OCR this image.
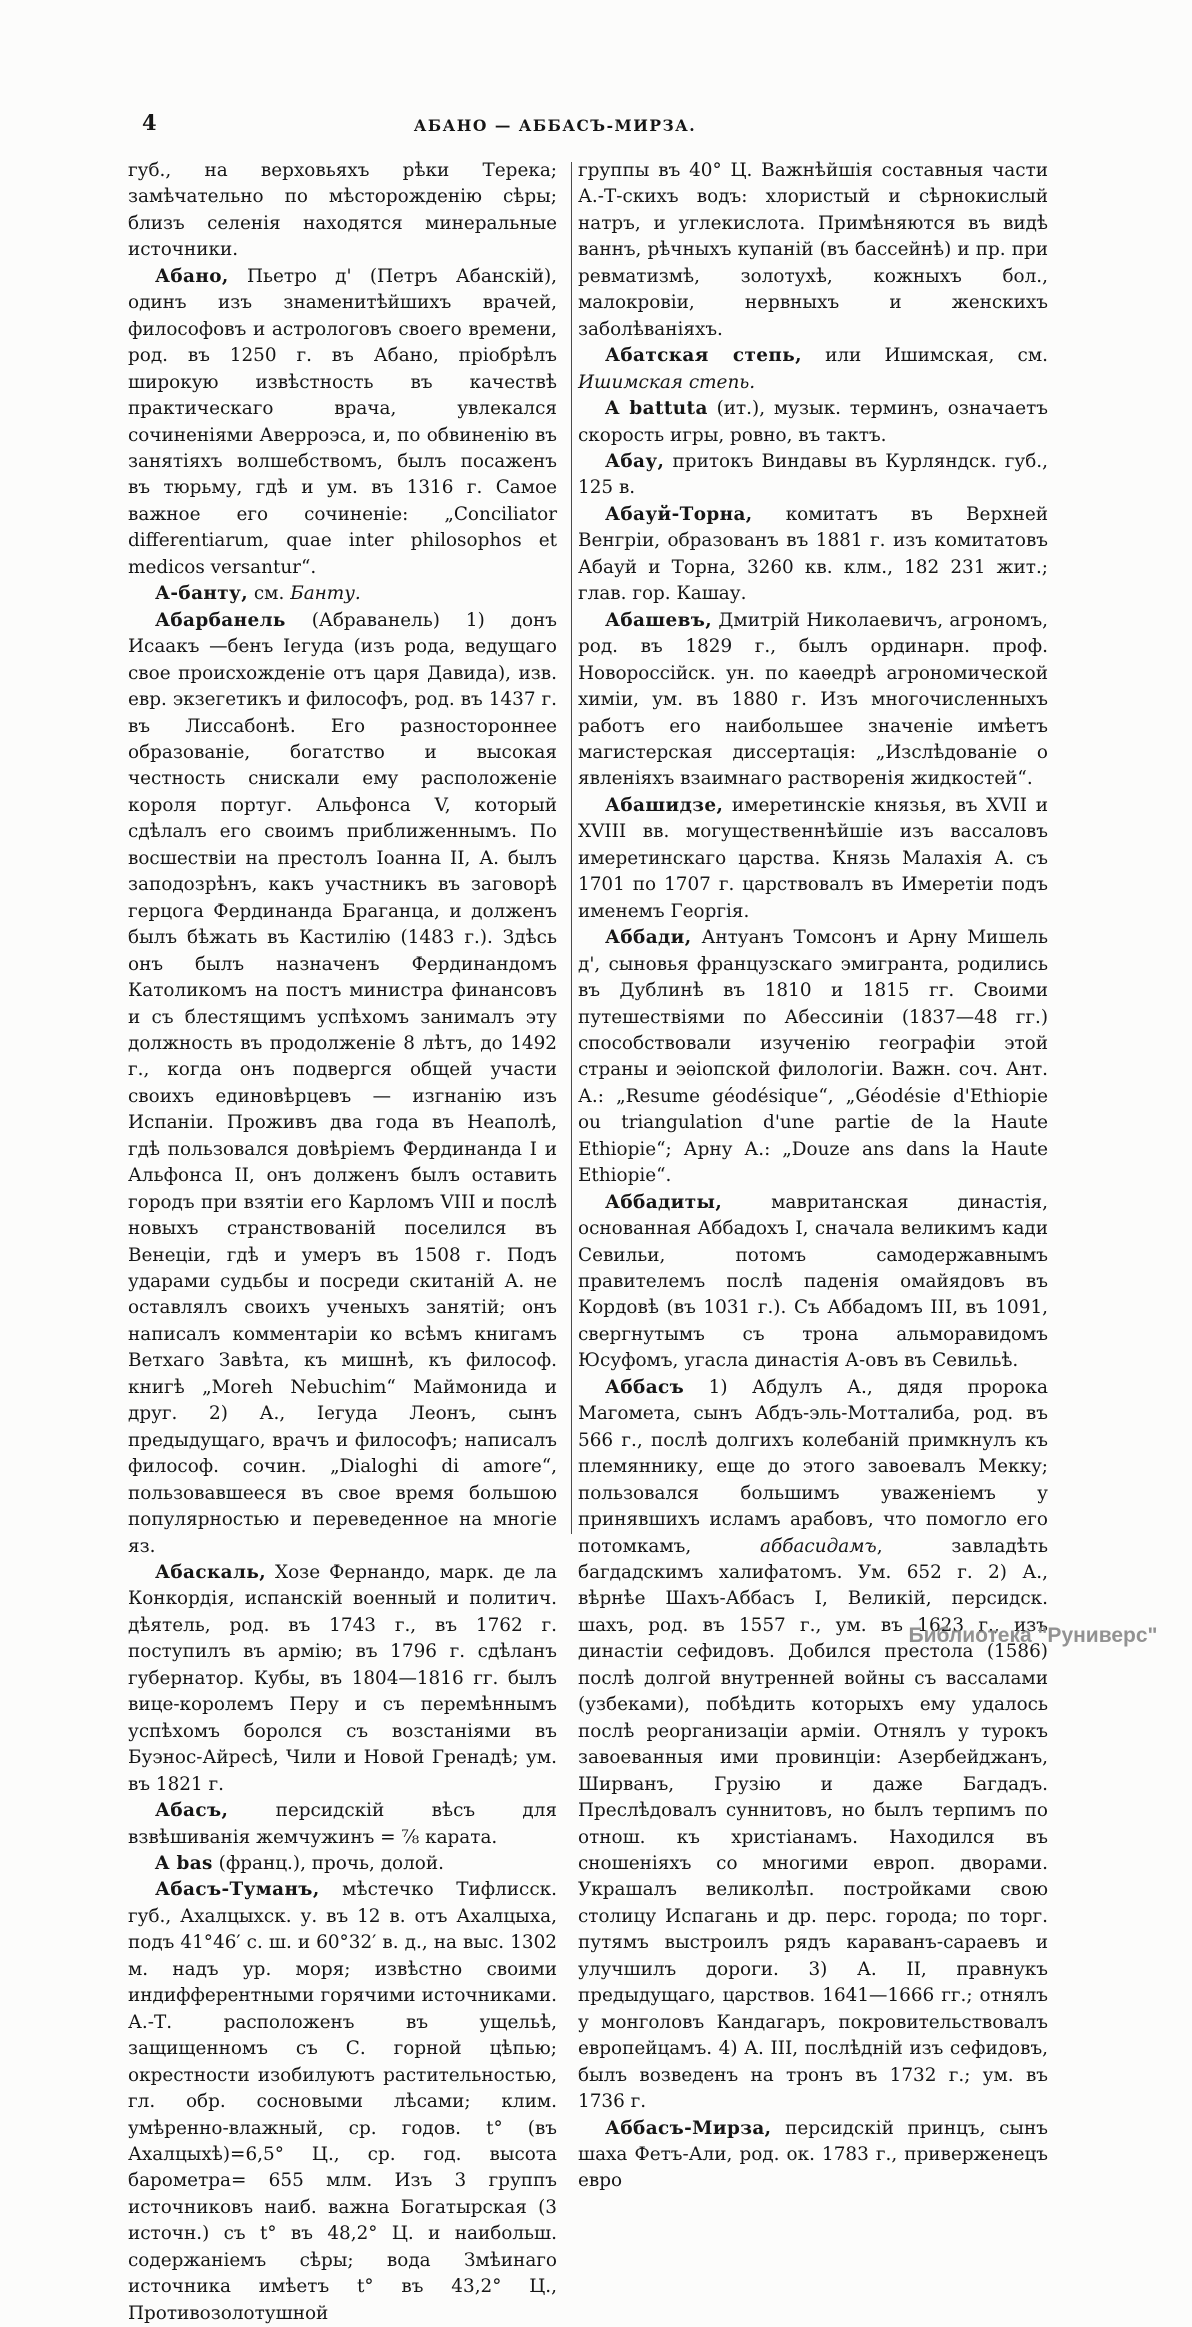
4	АБАНО — АББАСЪ-МИРЗА.

губ., на верховьяхъ рѣки Терека; замѣчательно по мѣсторожденію сѣры; близъ селенія находятся минеральные источники.

Абано, Пьетро д' (Петръ Абанскій), одинъ изъ знаменитѣйшихъ врачей, философовъ и астрологовъ своего времени, род. въ 1250 г. въ Абано, пріобрѣлъ широкую извѣстность въ качествѣ практическаго врача, увлекался сочиненіями Аверроэса, и, по обвиненію въ занятіяхъ волшебствомъ, былъ посаженъ въ тюрьму, гдѣ и ум. въ 1316 г. Самое важное его сочиненіе: „Conciliator differentiarum, quae inter philosophos et medicos versantur“.

А-банту, см. Банту.

Абарбанель (Абраванель) 1) донъ Исаакъ —бенъ Іегуда (изъ рода, ведущаго свое происхожденіе отъ царя Давида), изв. евр. экзегетикъ и философъ, род. въ 1437 г. въ Лиссабонѣ. Его разностороннее образованіе, богатство и высокая честность снискали ему расположеніе короля португ. Альфонса V, который сдѣлалъ его своимъ приближеннымъ. По восшествіи на престолъ Іоанна II, А. былъ заподозрѣнъ, какъ участникъ въ заговорѣ герцога Фердинанда Браганца, и долженъ былъ бѣжать въ Кастилію (1483 г.). Здѣсь онъ былъ назначенъ Фердинандомъ Католикомъ на постъ министра финансовъ и съ блестящимъ успѣхомъ занималъ эту должность въ продолженіе 8 лѣтъ, до 1492 г., когда онъ подвергся общей участи своихъ единовѣрцевъ — изгнанію изъ Испаніи. Проживъ два года въ Неаполѣ, гдѣ пользовался довѣріемъ Фердинанда I и Альфонса II, онъ долженъ былъ оставить городъ при взятіи его Карломъ VIII и послѣ новыхъ странствованій поселился въ Венеціи, гдѣ и умеръ въ 1508 г. Подъ ударами судьбы и посреди скитаній А. не оставлялъ своихъ ученыхъ занятій; онъ написалъ комментаріи ко всѣмъ книгамъ Ветхаго Завѣта, къ мишнѣ, къ философ. книгѣ „Moreh Nebuchim“ Маймонида и друг. 2) А., Іегуда Леонъ, сынъ предыдущаго, врачъ и философъ; написалъ философ. сочин. „Dialoghi di amore“, пользовавшееся въ свое время большою популярностью и переведенное на многіе яз.

Абаскаль, Хозе Фернандо, марк. де ла Конкордія, испанскій военный и политич. дѣятель, род. въ 1743 г., въ 1762 г. поступилъ въ армію; въ 1796 г. сдѣланъ губернатор. Кубы, въ 1804—1816 гг. былъ вице-королемъ Перу и съ перемѣннымъ успѣхомъ боролся съ возстаніями въ Буэнос-Айресѣ, Чили и Новой Гренадѣ; ум. въ 1821 г.

Абасъ, персидскій вѣсъ для взвѣшиванія жемчужинъ = ⅞ карата.

A bas (франц.), прочь, долой.

Абасъ-Туманъ, мѣстечко Тифлисск. губ., Ахалцыхск. у. въ 12 в. отъ Ахалцыха, подъ 41°46′ с. ш. и 60°32′ в. д., на выс. 1302 м. надъ ур. моря; извѣстно своими индифферентными горячими источниками. А.-Т. расположенъ въ ущельѣ, защищенномъ съ С. горной цѣпью; окрестности изобилуютъ растительностью, гл. обр. сосновыми лѣсами; клим. умѣренно-влажный, ср. годов. t° (въ Ахалцыхѣ)=6,5° Ц., ср. год. высота барометра= 655 млм. Изъ 3 группъ источниковъ наиб. важна Богатырская (3 источн.) съ t° въ 48,2° Ц. и наибольш. содержаніемъ сѣры; вода Змѣинаго источника имѣетъ t° въ 43,2° Ц., Противозолотушной

группы въ 40° Ц. Важнѣйшія составныя части А.-Т-скихъ водъ: хлористый и сѣрнокислый натръ, и углекислота. Примѣняются въ видѣ ваннъ, рѣчныхъ купаній (въ бассейнѣ) и пр. при ревматизмѣ, золотухѣ, кожныхъ бол., малокровіи, нервныхъ и женскихъ заболѣваніяхъ.

Абатская степь, или Ишимская, см. Ишимская степь.

A battuta (ит.), музык. терминъ, означаетъ скорость игры, ровно, въ тактъ.

Абау, притокъ Виндавы въ Курляндск. губ., 125 в.

Абауй-Торна, комитатъ въ Верхней Венгріи, образованъ въ 1881 г. изъ комитатовъ Абауй и Торна, 3260 кв. клм., 182 231 жит.; глав. гор. Кашау.

Абашевъ, Дмитрій Николаевичъ, агрономъ, род. въ 1829 г., былъ ординарн. проф. Новороссійск. ун. по каѳедрѣ агрономической химіи, ум. въ 1880 г. Изъ многочисленныхъ работъ его наибольшее значеніе имѣетъ магистерская диссертація: „Изслѣдованіе о явленіяхъ взаимнаго растворенія жидкостей“.

Абашидзе, имеретинскіе князья, въ XVII и XVIII вв. могущественнѣйшіе изъ вассаловъ имеретинскаго царства. Князь Малахія А. съ 1701 по 1707 г. царствовалъ въ Имеретіи подъ именемъ Георгія.

Аббади, Антуанъ Томсонъ и Арну Мишель д', сыновья французскаго эмигранта, родились въ Дублинѣ въ 1810 и 1815 гг. Своими путешествіями по Абессиніи (1837—48 гг.) способствовали изученію географіи этой страны и эѳіопской филологіи. Важн. соч. Ант. А.: „Resume géodésique“, „Géodésie d'Ethiopie ou triangulation d'une partie de la Haute Ethiopie“; Арну А.: „Douze ans dans la Haute Ethiopie“.

Аббадиты, мавританская династія, основанная Аббадохъ I, сначала великимъ кади Севильи, потомъ самодержавнымъ правителемъ послѣ паденія омайядовъ въ Кордовѣ (въ 1031 г.). Съ Аббадомъ III, въ 1091, свергнутымъ съ трона альморавидомъ Юсуфомъ, угасла династія А-овъ въ Севильѣ.

Аббасъ 1) Абдулъ А., дядя пророка Магомета, сынъ Абдъ-эль-Мотталиба, род. въ 566 г., послѣ долгихъ колебаній примкнулъ къ племяннику, еще до этого завоевалъ Мекку; пользовался большимъ уваженіемъ у принявшихъ исламъ арабовъ, что помогло его потомкамъ, аббасидамъ, завладѣть багдадскимъ халифатомъ. Ум. 652 г. 2) А., вѣрнѣе Шахъ-Аббасъ I, Великій, персидск. шахъ, род. въ 1557 г., ум. въ 1623 г., изъ династіи сефидовъ. Добился престола (1586) послѣ долгой внутренней войны съ вассалами (узбеками), побѣдить которыхъ ему удалось послѣ реорганизаціи арміи. Отнялъ у турокъ завоеванныя ими провинціи: Азербейджанъ, Ширванъ, Грузію и даже Багдадъ. Преслѣдовалъ суннитовъ, но былъ терпимъ по отнош. къ христіанамъ. Находился въ сношеніяхъ со многими европ. дворами. Украшалъ великолѣп. постройками свою столицу Испагань и др. перс. города; по торг. путямъ выстроилъ рядъ караванъ-сараевъ и улучшилъ дороги. 3) А. II, правнукъ предыдущаго, царствов. 1641—1666 гг.; отнялъ у монголовъ Кандагаръ, покровительствовалъ европейцамъ. 4) А. III, послѣдній изъ сефидовъ, былъ возведенъ на тронъ въ 1732 г.; ум. въ 1736 г.

Аббасъ-Мирза, персидскій принцъ, сынъ шаха Фетъ-Али, род. ок. 1783 г., приверженецъ евро

Библиотека "Руниверс"
